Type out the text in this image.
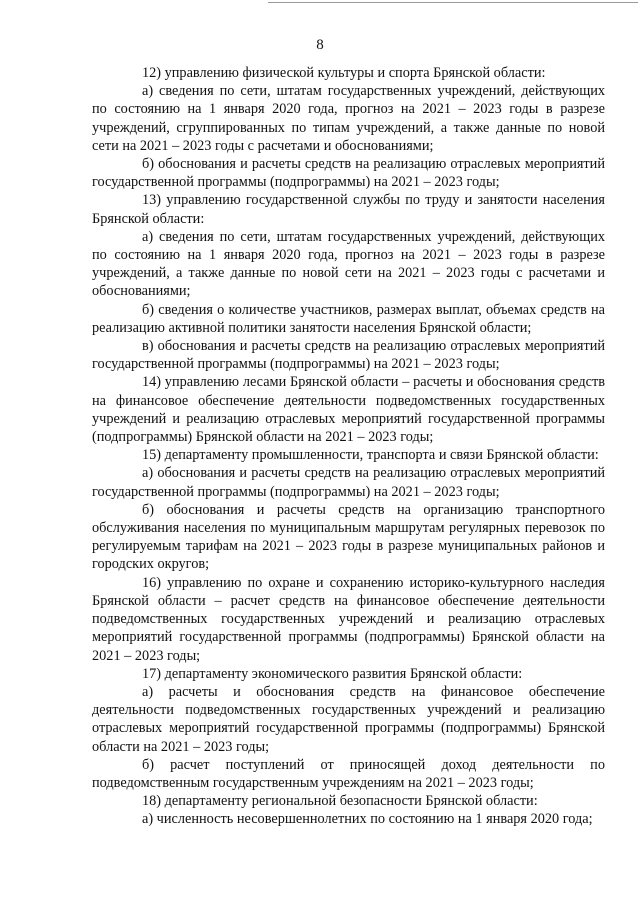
8

12) управлению физической культуры и спорта Брянской области:

а) сведения по сети, штатам государственных учреждений, действующих по состоянию на 1 января 2020 года, прогноз на 2021 – 2023 годы в разрезе учреждений, сгруппированных по типам учреждений, а также данные по новой сети на 2021 – 2023 годы с расчетами и обоснованиями;

б) обоснования и расчеты средств на реализацию отраслевых мероприятий государственной программы (подпрограммы) на 2021 – 2023 годы;

13) управлению государственной службы по труду и занятости населения Брянской области:

а) сведения по сети, штатам государственных учреждений, действующих по состоянию на 1 января 2020 года, прогноз на 2021 – 2023 годы в разрезе учреждений, а также данные по новой сети на 2021 – 2023 годы с расчетами и обоснованиями;

б) сведения о количестве участников, размерах выплат, объемах средств на реализацию активной политики занятости населения Брянской области;

в) обоснования и расчеты средств на реализацию отраслевых мероприятий государственной программы (подпрограммы) на 2021 – 2023 годы;

14) управлению лесами Брянской области – расчеты и обоснования средств на финансовое обеспечение деятельности подведомственных государственных учреждений и реализацию отраслевых мероприятий государственной программы (подпрограммы) Брянской области на 2021 – 2023 годы;

15) департаменту промышленности, транспорта и связи Брянской области:

а) обоснования и расчеты средств на реализацию отраслевых мероприятий государственной программы (подпрограммы) на 2021 – 2023 годы;

б) обоснования и расчеты средств на организацию транспортного обслуживания населения по муниципальным маршрутам регулярных перевозок по регулируемым тарифам на 2021 – 2023 годы в разрезе муниципальных районов и городских округов;

16) управлению по охране и сохранению историко-культурного наследия Брянской области – расчет средств на финансовое обеспечение деятельности подведомственных государственных учреждений и реализацию отраслевых мероприятий государственной программы (подпрограммы) Брянской области на 2021 – 2023 годы;

17) департаменту экономического развития Брянской области:

а) расчеты и обоснования средств на финансовое обеспечение деятельности подведомственных государственных учреждений и реализацию отраслевых мероприятий государственной программы (подпрограммы) Брянской области на 2021 – 2023 годы;

б) расчет поступлений от приносящей доход деятельности по подведомственным государственным учреждениям на 2021 – 2023 годы;

18) департаменту региональной безопасности Брянской области:

а) численность несовершеннолетних по состоянию на 1 января 2020 года;
